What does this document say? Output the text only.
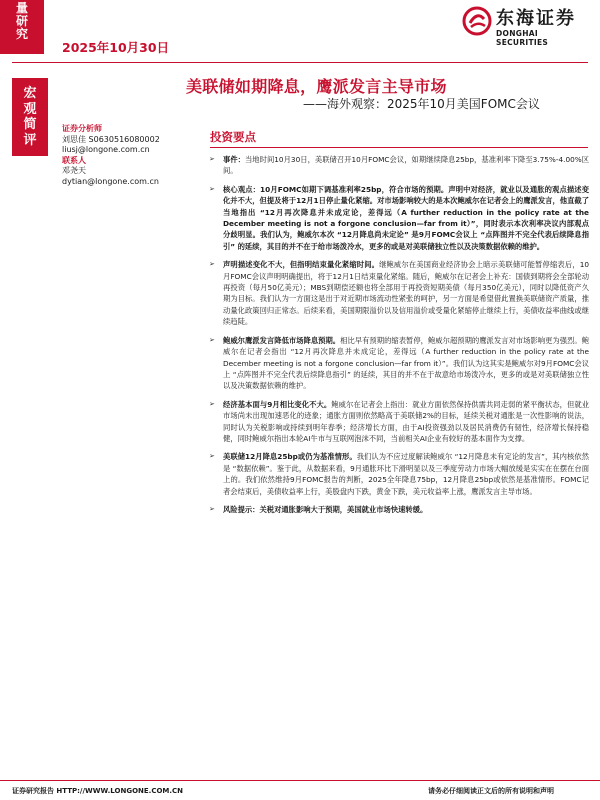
量研究
2025年10月30日
东海证券
DONGHAI SECURITIES
宏观简评
美联储如期降息，鹰派发言主导市场
——海外观察：2025年10月美国FOMC会议
证券分析师
刘思佳 S0630516080002
liusj@longone.com.cn
联系人
邓尧天
dytian@longone.com.cn
投资要点
➢ 事件：当地时间10月30日，美联储召开10月FOMC会议，如期继续降息25bp，基准利率下降至3.75%-4.00%区间。
➢ 核心观点：10月FOMC如期下调基准利率25bp，符合市场的预期。声明中对经济，就业以及通胀的观点描述变化并不大，但提及将于12月1日停止量化紧缩。对市场影响较大的是本次鲍威尔在记者会上的鹰派发言，他直截了当地指出 “12月再次降息并未成定论，差得远（A further reduction in the policy rate at the December meeting is not a forgone conclusion—far from it）”，同时表示本次利率决议内部观点分歧明显。我们认为，鲍威尔本次 “12月降息尚未定论” 是9月FOMC会议上 “点阵图并不完全代表后续降息指引” 的延续，其目的并不在于给市场泼冷水，更多的或是对美联储独立性以及决策数据依赖的维护。
➢ 声明描述变化不大，但指明结束量化紧缩时间。继鲍威尔在美国商业经济协会上暗示美联储可能暂停缩表后，10月FOMC会议声明明确提出，将于12月1日结束量化紧缩。随后，鲍威尔在记者会上补充：国债到期将会全部轮动再投资（每月50亿美元）；MBS到期偿还额也将全部用于再投资短期美债（每月350亿美元），同时以降低资产久期为目标。我们认为一方面这是出于对近期市场流动性紧张的呵护，另一方面是希望借此置换美联储资产质量，推动量化政策回归正常态。后续来看，美国期限溢价以及信用溢价或受量化紧缩停止继续上行，美债收益率曲线或继续趋陡。
➢ 鲍威尔鹰派发言降低市场降息预期。相比早有预期的缩表暂停，鲍威尔超预期的鹰派发言对市场影响更为强烈。鲍威尔在记者会指出 “12月再次降息并未成定论，差得远（A further reduction in the policy rate at the December meeting is not a forgone conclusion—far from it）”。我们认为这其实是鲍威尔对9月FOMC会议上 “点阵图并不完全代表后续降息指引” 的延续，其目的并不在于故意给市场泼冷水，更多的或是对美联储独立性以及决策数据依赖的维护。
➢ 经济基本面与9月相比变化不大。鲍威尔在记者会上指出：就业方面依然保持供需共同走弱的紧平衡状态，但就业市场尚未出现加速恶化的迹象；通胀方面则依然略高于美联储2%的目标，延续关税对通胀是一次性影响的说法，同时认为关税影响或持续到明年春季；经济增长方面，由于AI投资强劲以及居民消费仍有韧性，经济增长保持稳健，同时鲍威尔指出本轮AI牛市与互联网泡沫不同，当前相关AI企业有较好的基本面作为支撑。
➢ 美联储12月降息25bp或仍为基准情形。我们认为不应过度解读鲍威尔 “12月降息未有定论的发言”，其内核依然是 “数据依赖”。鉴于此，从数据来看，9月通胀环比下滑明显以及三季度劳动力市场大幅放缓是实实在在摆在台面上的。我们依然维持9月FOMC报告的判断，2025全年降息75bp，12月降息25bp或依然是基准情形。FOMC记者会结束后，美债收益率上行，美股盘内下跌，黄金下跌，美元收益率上涨，鹰派发言主导市场。
➢ 风险提示：关税对通胀影响大于预期，美国就业市场快速转缓。
证券研究报告 HTTP://WWW.LONGONE.COM.CN	请务必仔细阅读正文后的所有说明和声明
